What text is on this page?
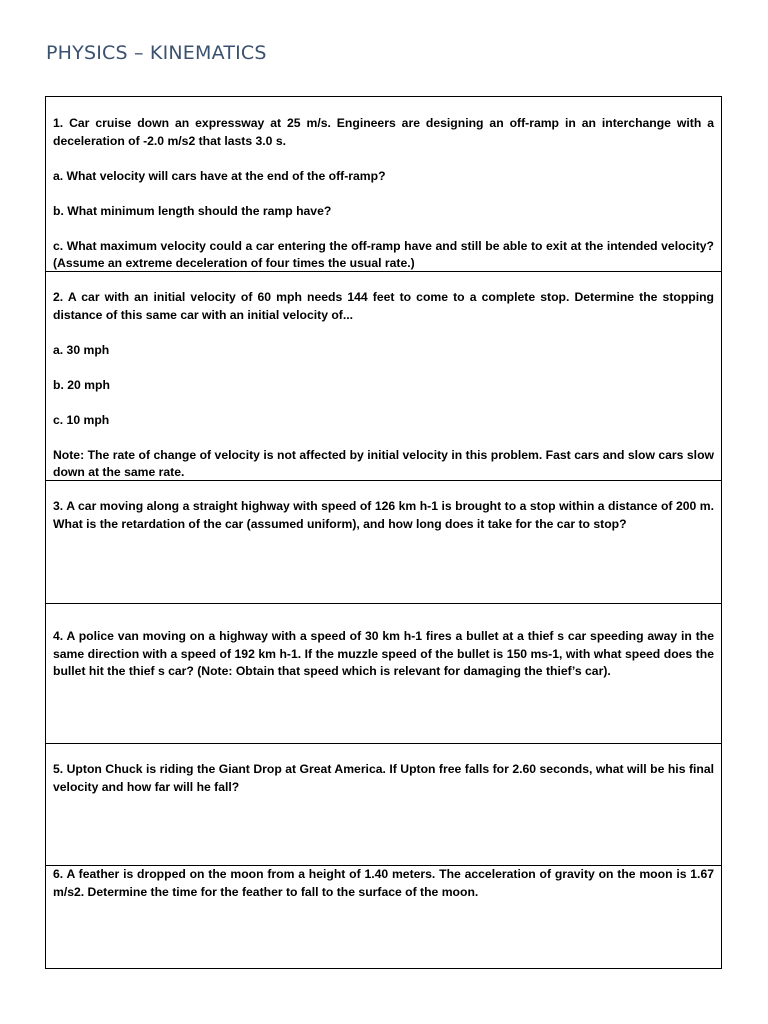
PHYSICS – KINEMATICS

1. Car cruise down an expressway at 25 m/s. Engineers are designing an off-ramp in an interchange with a deceleration of -2.0 m/s2 that lasts 3.0 s.

a. What velocity will cars have at the end of the off-ramp?

b. What minimum length should the ramp have?

c. What maximum velocity could a car entering the off-ramp have and still be able to exit at the intended velocity? (Assume an extreme deceleration of four times the usual rate.)

2. A car with an initial velocity of 60 mph needs 144 feet to come to a complete stop. Determine the stopping distance of this same car with an initial velocity of...

a. 30 mph

b. 20 mph

c. 10 mph

Note: The rate of change of velocity is not affected by initial velocity in this problem. Fast cars and slow cars slow down at the same rate.

3. A car moving along a straight highway with speed of 126 km h-1 is brought to a stop within a distance of 200 m. What is the retardation of the car (assumed uniform), and how long does it take for the car to stop?

4. A police van moving on a highway with a speed of 30 km h-1 fires a bullet at a thief s car speeding away in the same direction with a speed of 192 km h-1. If the muzzle speed of the bullet is 150 ms-1, with what speed does the bullet hit the thief s car? (Note: Obtain that speed which is relevant for damaging the thief’s car).

5. Upton Chuck is riding the Giant Drop at Great America. If Upton free falls for 2.60 seconds, what will be his final velocity and how far will he fall?

6. A feather is dropped on the moon from a height of 1.40 meters. The acceleration of gravity on the moon is 1.67 m/s2. Determine the time for the feather to fall to the surface of the moon.
